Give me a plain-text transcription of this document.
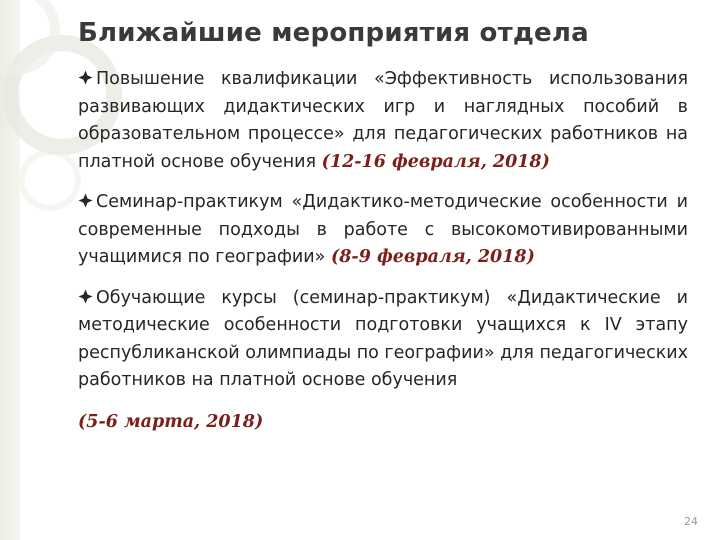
Ближайшие мероприятия отдела

Повышение квалификации «Эффективность использования развивающих дидактических игр и наглядных пособий в образовательном процессе» для педагогических работников на платной основе обучения (12-16 февраля, 2018)

Семинар-практикум «Дидактико-методические особенности и современные подходы в работе с высокомотивированными учащимися по географии» (8-9 февраля, 2018)

Обучающие курсы (семинар-практикум) «Дидактические и методические особенности подготовки учащихся к IV этапу республиканской олимпиады по географии» для педагогических работников на платной основе обучения
(5-6 марта, 2018)

24
